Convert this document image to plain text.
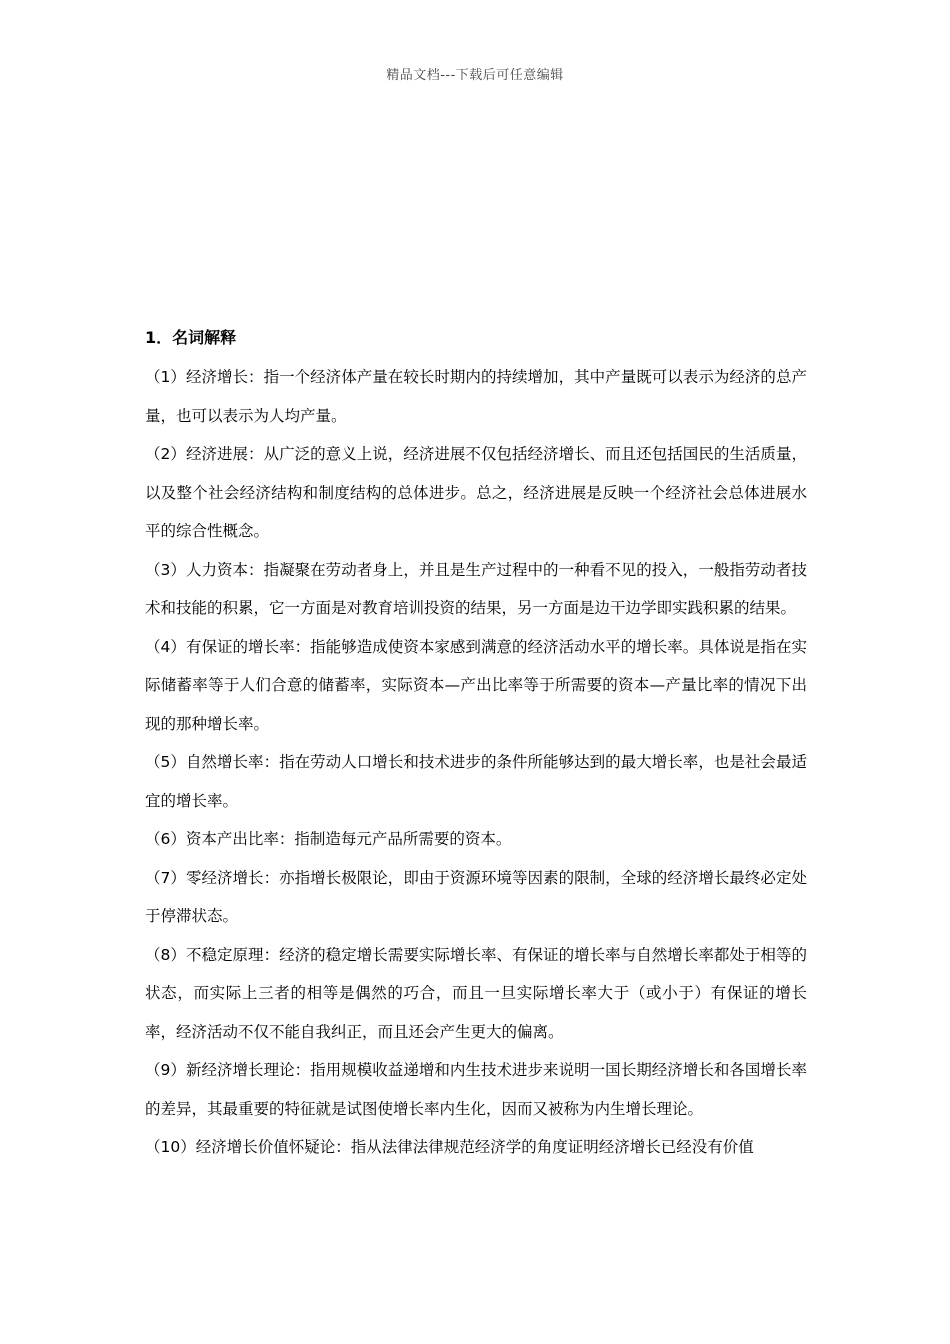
精品文档---下载后可任意编辑
1．名词解释

（1）经济增长：指一个经济体产量在较长时期内的持续增加，其中产量既可以表示为经济的总产量，也可以表示为人均产量。

（2）经济进展：从广泛的意义上说，经济进展不仅包括经济增长、而且还包括国民的生活质量，以及整个社会经济结构和制度结构的总体进步。总之，经济进展是反映一个经济社会总体进展水平的综合性概念。

（3）人力资本：指凝聚在劳动者身上，并且是生产过程中的一种看不见的投入，一般指劳动者技术和技能的积累，它一方面是对教育培训投资的结果，另一方面是边干边学即实践积累的结果。

（4）有保证的增长率：指能够造成使资本家感到满意的经济活动水平的增长率。具体说是指在实际储蓄率等于人们合意的储蓄率，实际资本—产出比率等于所需要的资本—产量比率的情况下出现的那种增长率。

（5）自然增长率：指在劳动人口增长和技术进步的条件所能够达到的最大增长率，也是社会最适宜的增长率。

（6）资本产出比率：指制造每元产品所需要的资本。

（7）零经济增长：亦指增长极限论，即由于资源环境等因素的限制，全球的经济增长最终必定处于停滞状态。

（8）不稳定原理：经济的稳定增长需要实际增长率、有保证的增长率与自然增长率都处于相等的状态，而实际上三者的相等是偶然的巧合，而且一旦实际增长率大于（或小于）有保证的增长率，经济活动不仅不能自我纠正，而且还会产生更大的偏离。

（9）新经济增长理论：指用规模收益递增和内生技术进步来说明一国长期经济增长和各国增长率的差异，其最重要的特征就是试图使增长率内生化，因而又被称为内生增长理论。

（10）经济增长价值怀疑论：指从法律法律规范经济学的角度证明经济增长已经没有价值
